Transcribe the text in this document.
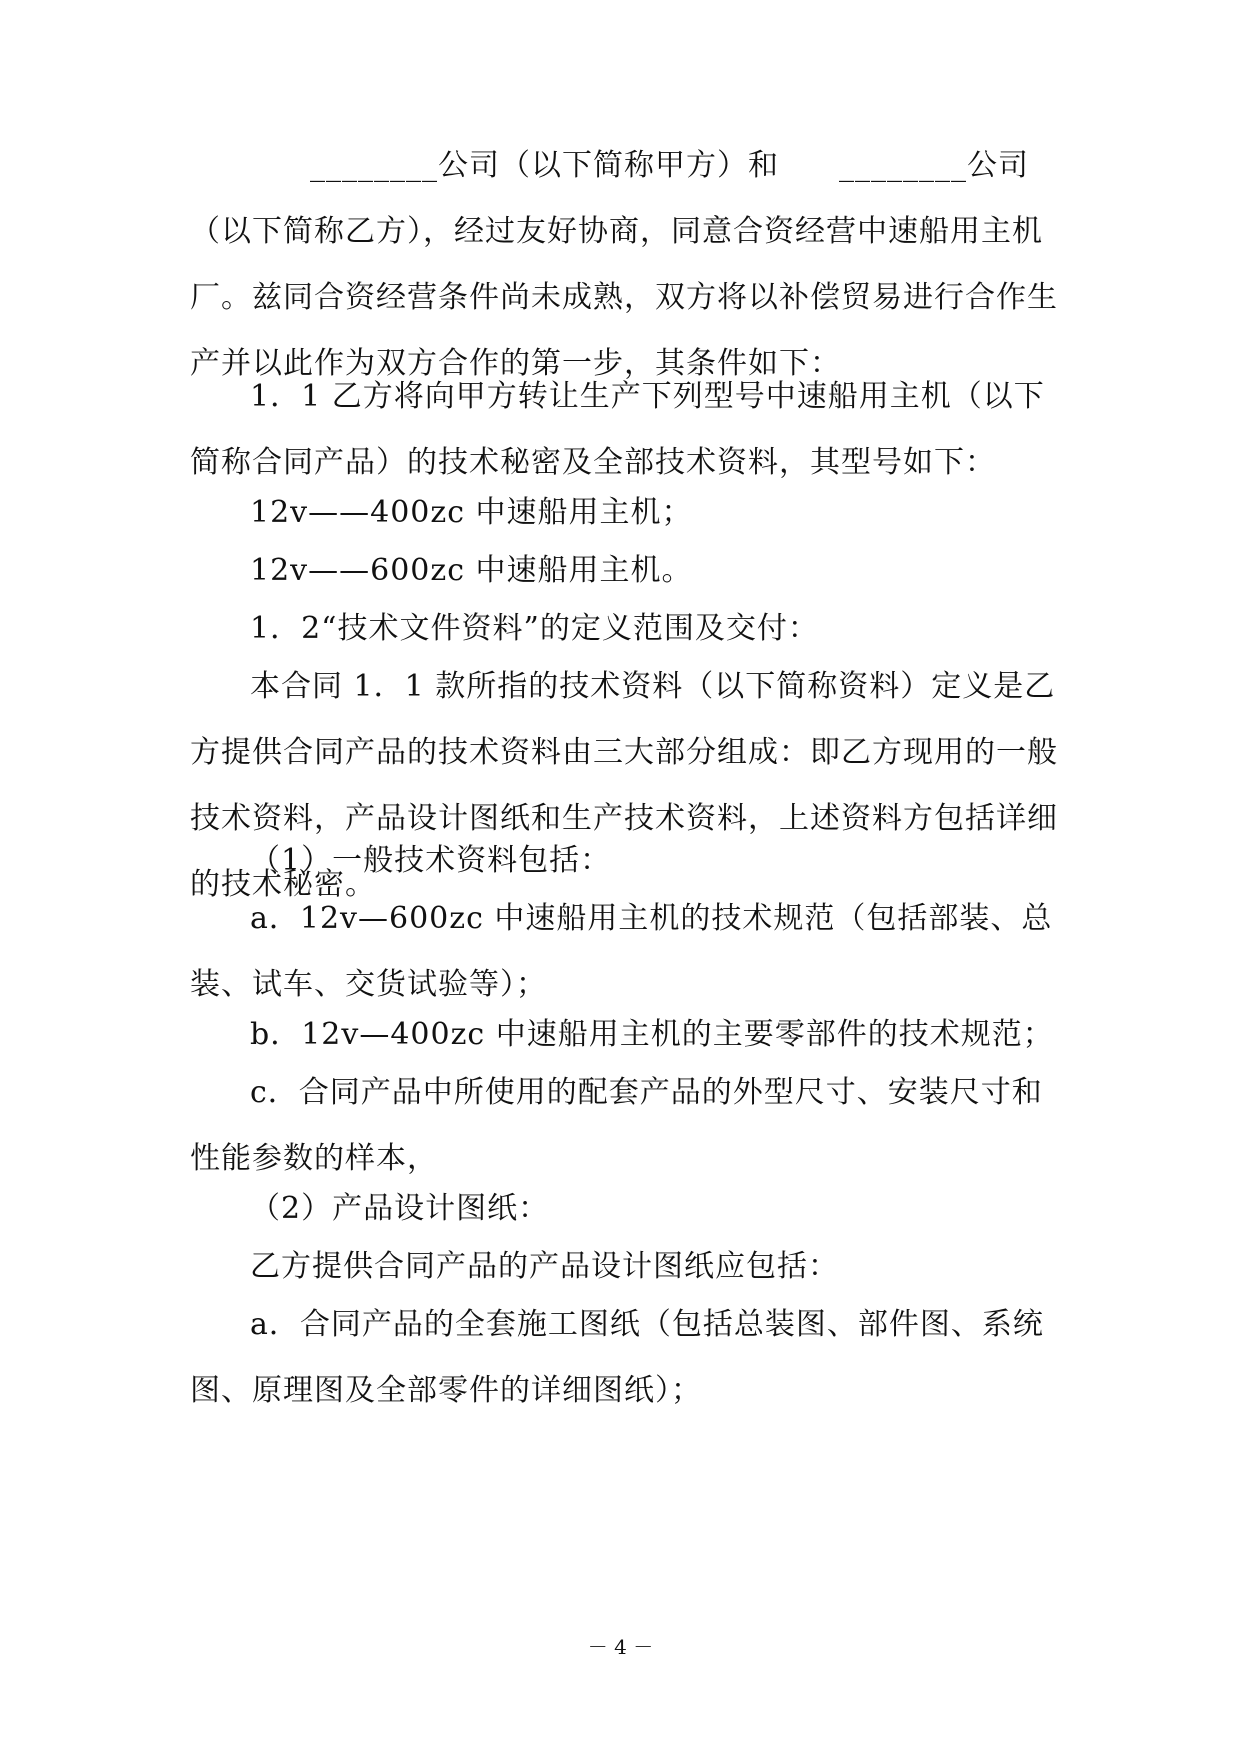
________公司（以下简称甲方）和 ________公司（以下简称乙方），经过友好协商，同意合资经营中速船用主机厂。兹同合资经营条件尚未成熟，双方将以补偿贸易进行合作生产并以此作为双方合作的第一步，其条件如下：

1．1 乙方将向甲方转让生产下列型号中速船用主机（以下简称合同产品）的技术秘密及全部技术资料，其型号如下：

12v——400zc 中速船用主机；

12v——600zc 中速船用主机。

1．2“技术文件资料”的定义范围及交付：

本合同 1．1 款所指的技术资料（以下简称资料）定义是乙方提供合同产品的技术资料由三大部分组成：即乙方现用的一般技术资料，产品设计图纸和生产技术资料，上述资料方包括详细的技术秘密。

（1）一般技术资料包括：

a．12v—600zc 中速船用主机的技术规范（包括部装、总装、试车、交货试验等）；

b．12v—400zc 中速船用主机的主要零部件的技术规范；

c．合同产品中所使用的配套产品的外型尺寸、安装尺寸和性能参数的样本，

（2）产品设计图纸：

乙方提供合同产品的产品设计图纸应包括：

a．合同产品的全套施工图纸（包括总装图、部件图、系统图、原理图及全部零件的详细图纸）；

－ 4 －
